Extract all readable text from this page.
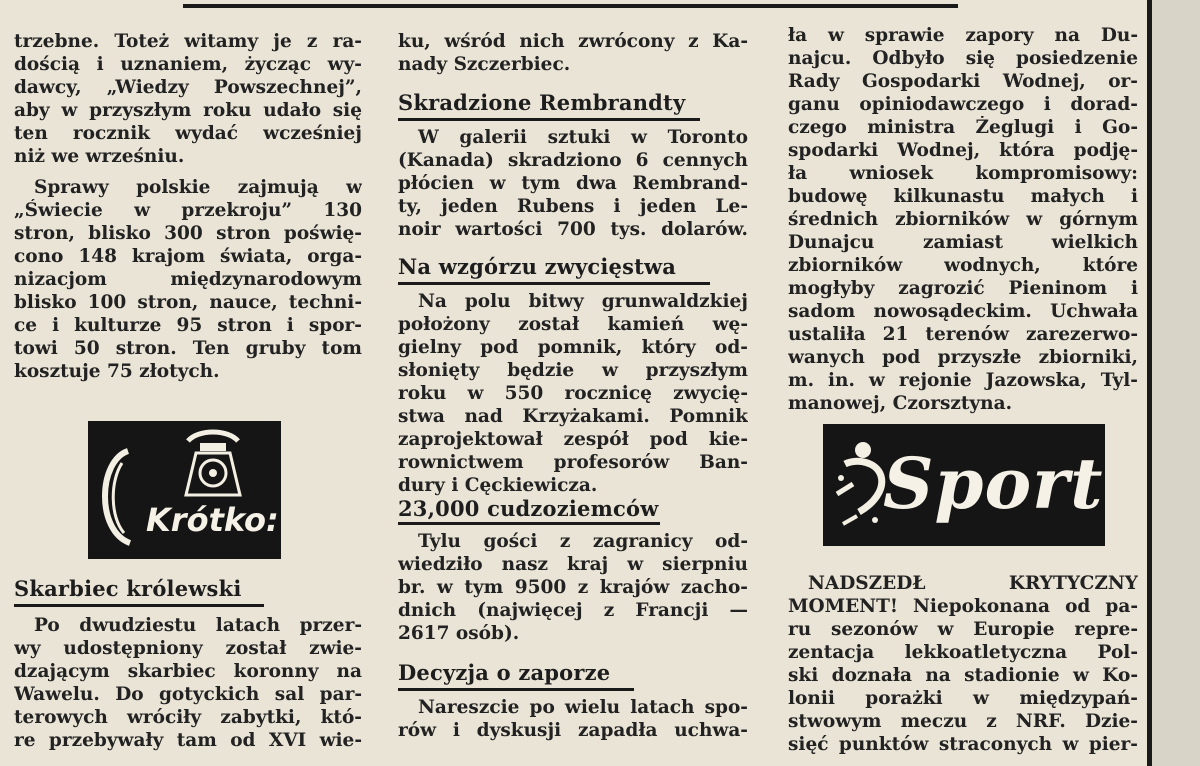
trzebne. Toteż witamy je z ra-
dością i uznaniem, życząc wy-
dawcy, „Wiedzy Powszechnej”,
aby w przyszłym roku udało się
ten rocznik wydać wcześniej
niż we wrześniu.
Sprawy polskie zajmują w
„Świecie w przekroju” 130
stron, blisko 300 stron poświę-
cono 148 krajom świata, orga-
nizacjom międzynarodowym
blisko 100 stron, nauce, techni-
ce i kulturze 95 stron i spor-
towi 50 stron. Ten gruby tom
kosztuje 75 złotych.
Skarbiec królewski
Po dwudziestu latach przer-
wy udostępniony został zwie-
dzającym skarbiec koronny na
Wawelu. Do gotyckich sal par-
terowych wróciły zabytki, któ-
re przebywały tam od XVI wie-
Krótko:
ku, wśród nich zwrócony z Ka-
nady Szczerbiec.
Skradzione Rembrandty
W galerii sztuki w Toronto
(Kanada) skradziono 6 cennych
płócien w tym dwa Rembrand-
ty, jeden Rubens i jeden Le-
noir wartości 700 tys. dolarów.
Na wzgórzu zwycięstwa
Na polu bitwy grunwaldzkiej
położony został kamień wę-
gielny pod pomnik, który od-
słonięty będzie w przyszłym
roku w 550 rocznicę zwycię-
stwa nad Krzyżakami. Pomnik
zaprojektował zespół pod kie-
rownictwem profesorów Ban-
dury i Cęckiewicza.
23,000 cudzoziemców
Tylu gości z zagranicy od-
wiedziło nasz kraj w sierpniu
br. w tym 9500 z krajów zacho-
dnich (najwięcej z Francji —
2617 osób).
Decyzja o zaporze
Nareszcie po wielu latach spo-
rów i dyskusji zapadła uchwa-
ła w sprawie zapory na Du-
najcu. Odbyło się posiedzenie
Rady Gospodarki Wodnej, or-
ganu opiniodawczego i dorad-
czego ministra Żeglugi i Go-
spodarki Wodnej, która podję-
ła wniosek kompromisowy:
budowę kilkunastu małych i
średnich zbiorników w górnym
Dunajcu zamiast wielkich
zbiorników wodnych, które
mogłyby zagrozić Pieninom i
sadom nowosądeckim. Uchwała
ustaliła 21 terenów zarezerwo-
wanych pod przyszłe zbiorniki,
m. in. w rejonie Jazowska, Tyl-
manowej, Czorsztyna.
NADSZEDŁ KRYTYCZNY
MOMENT! Niepokonana od pa-
ru sezonów w Europie repre-
zentacja lekkoatletyczna Pol-
ski doznała na stadionie w Ko-
lonii porażki w międzypań-
stwowym meczu z NRF. Dzie-
sięć punktów straconych w pier-
Sport
